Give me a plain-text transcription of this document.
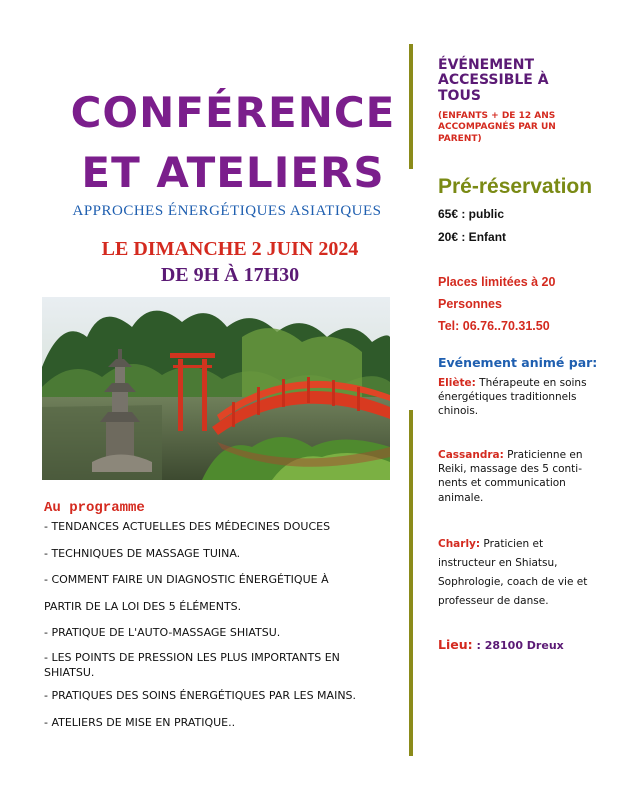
CONFÉRENCE
ET ATELIERS
APPROCHES ÉNERGÉTIQUES ASIATIQUES
LE DIMANCHE 2 JUIN 2024
DE 9H À 17H30
Au programme
- TENDANCES ACTUELLES DES MÉDECINES DOUCES
- TECHNIQUES DE MASSAGE TUINA.
- COMMENT FAIRE UN DIAGNOSTIC ÉNERGÉTIQUE À
PARTIR DE LA LOI DES 5 ÉLÉMENTS.
- PRATIQUE DE L'AUTO-MASSAGE SHIATSU.
- LES POINTS DE PRESSION LES PLUS IMPORTANTS EN SHIATSU.
- PRATIQUES DES SOINS ÉNERGÉTIQUES PAR LES MAINS.
- ATELIERS DE MISE EN PRATIQUE..
ÉVÉNEMENT ACCESSIBLE À TOUS
(ENFANTS + DE 12 ANS ACCOMPAGNÉS PAR UN PARENT)
Pré-réservation
65€ : public
20€ : Enfant
Places limitées à 20
Personnes
Tel: 06.76..70.31.50
Evénement animé par:
Eliète: Thérapeute en soins énergétiques traditionnels chinois.
Cassandra: Praticienne en Reiki, massage des 5 conti-nents et communication animale.
Charly: Praticien et instructeur en Shiatsu, Sophrologie, coach de vie et professeur de danse.
Lieu: : 28100 Dreux
